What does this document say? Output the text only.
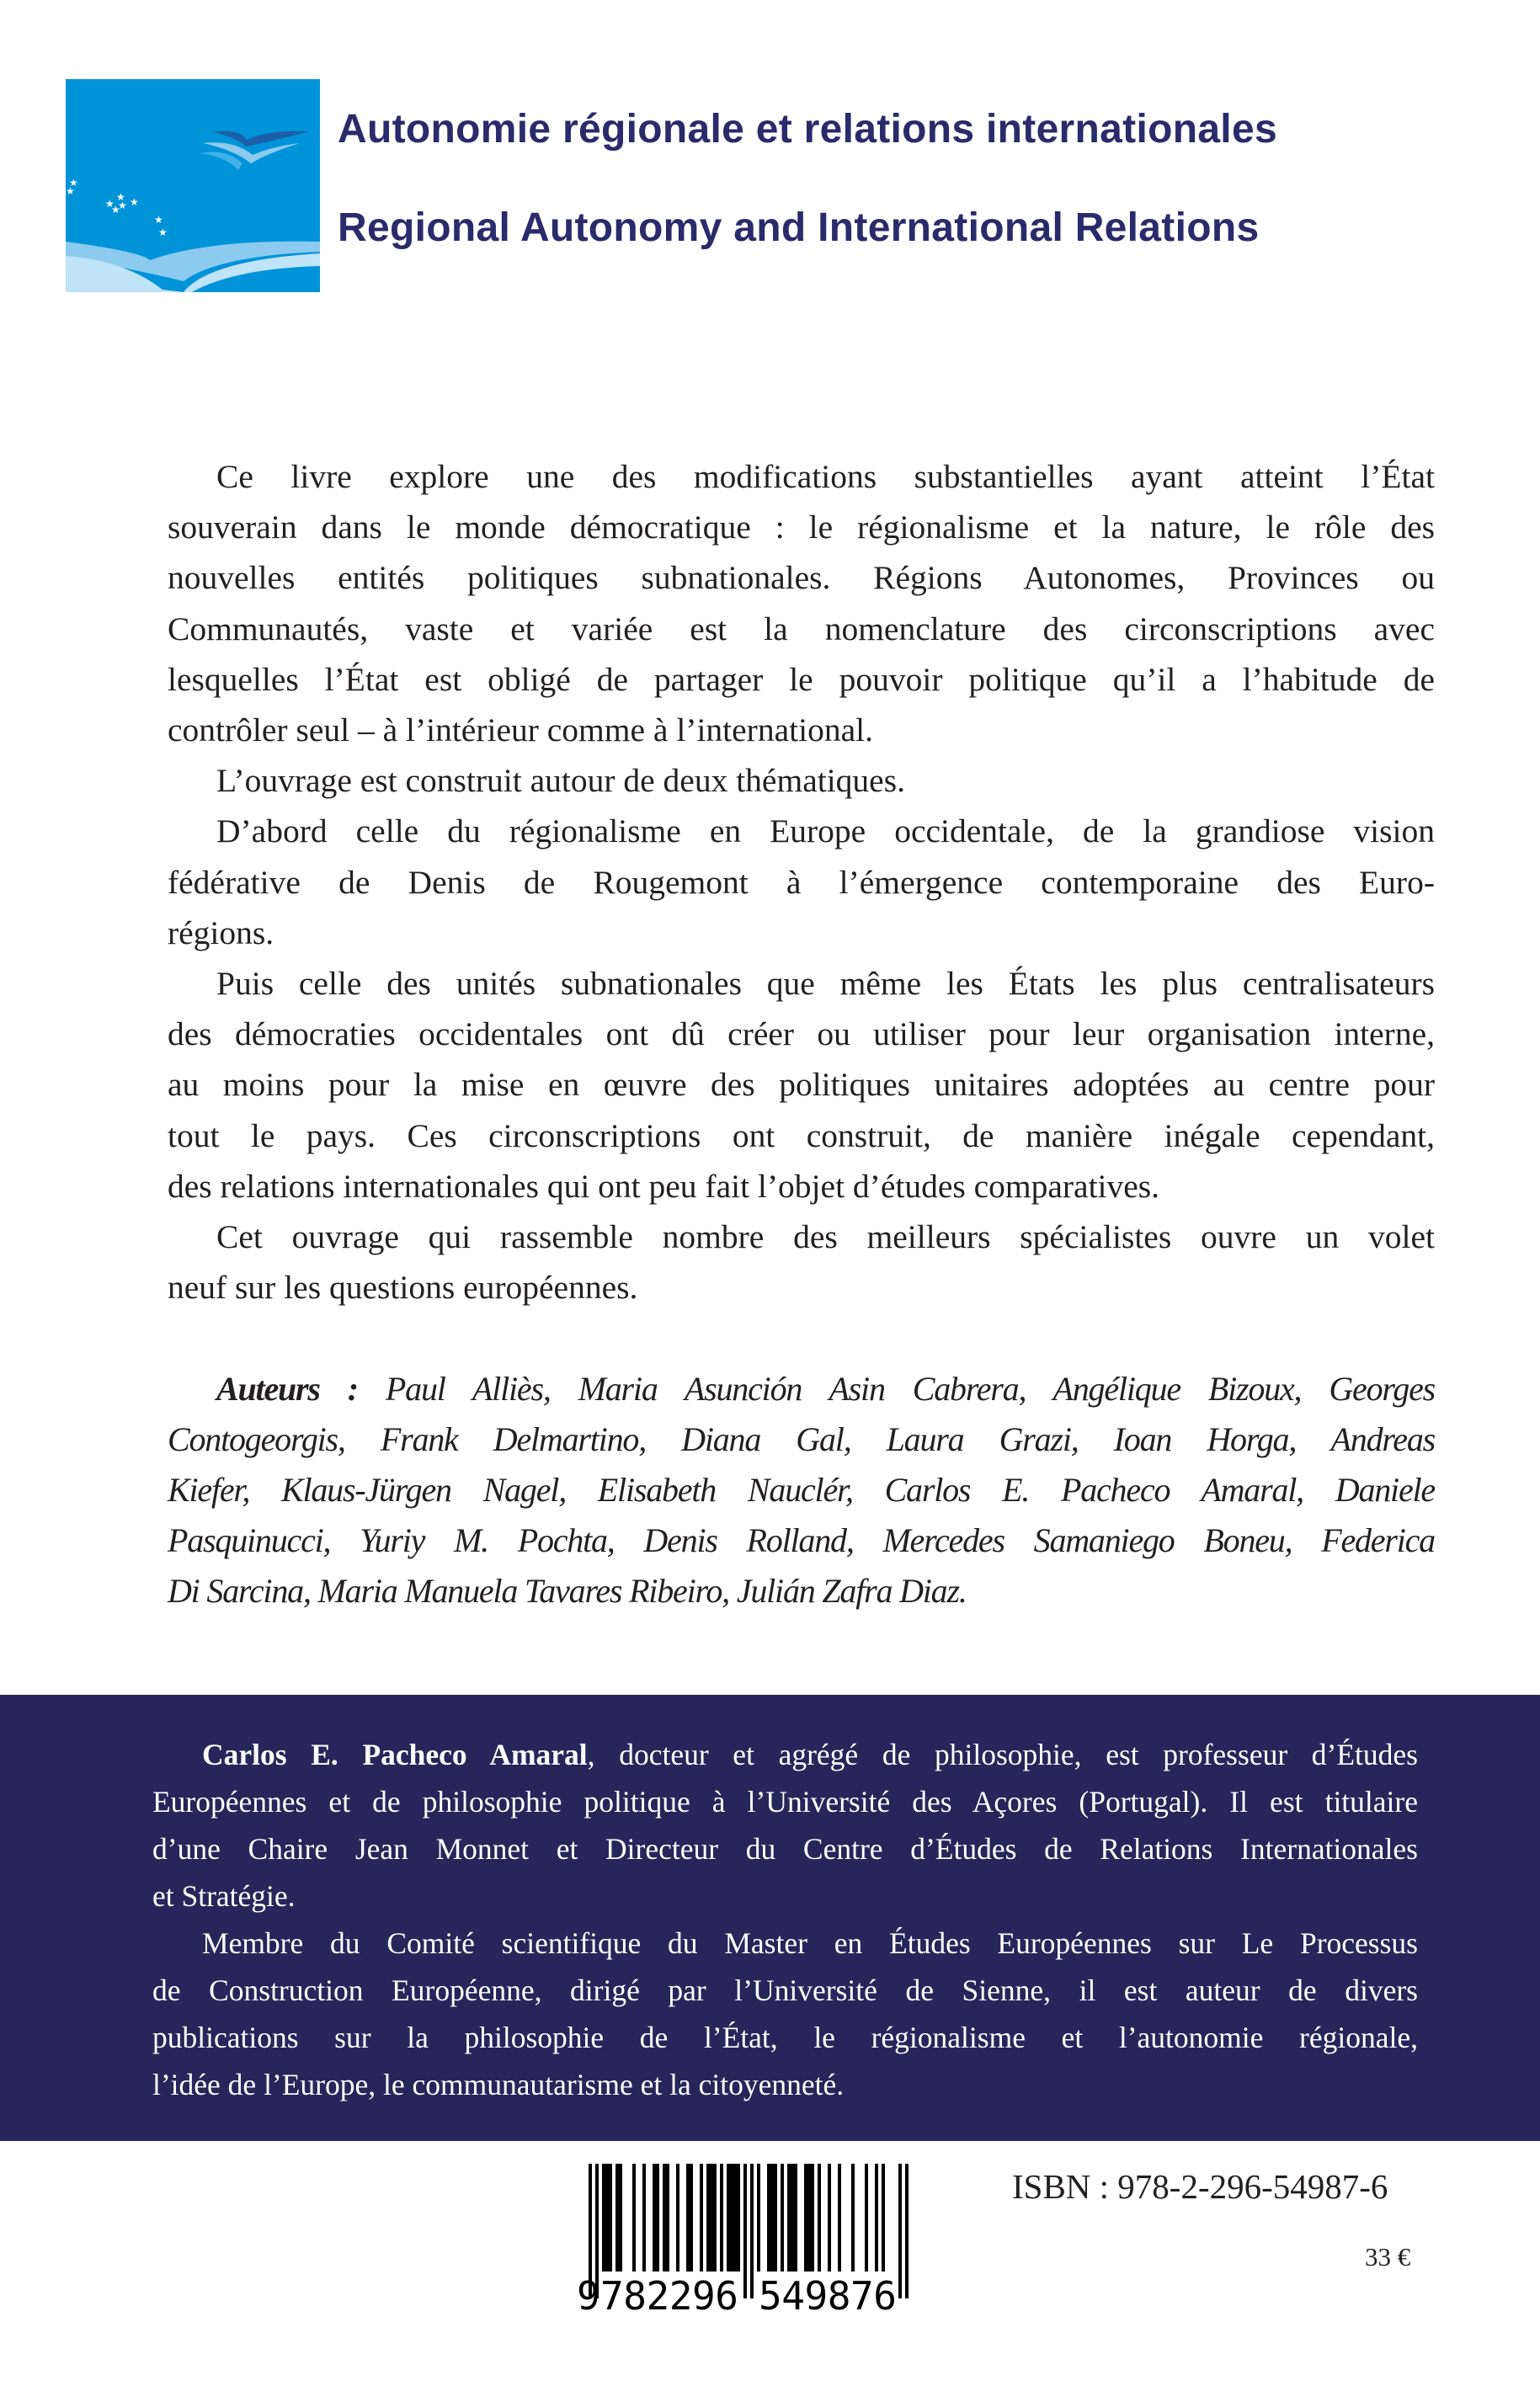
★
★
★
★
★
★ ★
★
★
Autonomie régionale et relations internationales
Regional Autonomy and International Relations
Ce livre explore une des modifications substantielles ayant atteint l’État
souverain dans le monde démocratique : le régionalisme et la nature, le rôle des
nouvelles entités politiques subnationales. Régions Autonomes, Provinces ou
Communautés, vaste et variée est la nomenclature des circonscriptions avec
lesquelles l’État est obligé de partager le pouvoir politique qu’il a l’habitude de
contrôler seul – à l’intérieur comme à l’international.
L’ouvrage est construit autour de deux thématiques.
D’abord celle du régionalisme en Europe occidentale, de la grandiose vision
fédérative de Denis de Rougemont à l’émergence contemporaine des Euro-
régions.
Puis celle des unités subnationales que même les États les plus centralisateurs
des démocraties occidentales ont dû créer ou utiliser pour leur organisation interne,
au moins pour la mise en œuvre des politiques unitaires adoptées au centre pour
tout le pays. Ces circonscriptions ont construit, de manière inégale cependant,
des relations internationales qui ont peu fait l’objet d’études comparatives.
Cet ouvrage qui rassemble nombre des meilleurs spécialistes ouvre un volet
neuf sur les questions européennes.
Auteurs : Paul Alliès, Maria Asunción Asin Cabrera, Angélique Bizoux, Georges
Contogeorgis, Frank Delmartino, Diana Gal, Laura Grazi, Ioan Horga, Andreas
Kiefer, Klaus-Jürgen Nagel, Elisabeth Nauclér, Carlos E. Pacheco Amaral, Daniele
Pasquinucci, Yuriy M. Pochta, Denis Rolland, Mercedes Samaniego Boneu, Federica
Di Sarcina, Maria Manuela Tavares Ribeiro, Julián Zafra Diaz.
Carlos E. Pacheco Amaral, docteur et agrégé de philosophie, est professeur d’Études
Européennes et de philosophie politique à l’Université des Açores (Portugal). Il est titulaire
d’une Chaire Jean Monnet et Directeur du Centre d’Études de Relations Internationales
et Stratégie.
Membre du Comité scientifique du Master en Études Européennes sur Le Processus
de Construction Européenne, dirigé par l’Université de Sienne, il est auteur de divers
publications sur la philosophie de l’État, le régionalisme et l’autonomie régionale,
l’idée de l’Europe, le communautarisme et la citoyenneté.
9 782296 549876
ISBN : 978-2-296-54987-6
33 €
